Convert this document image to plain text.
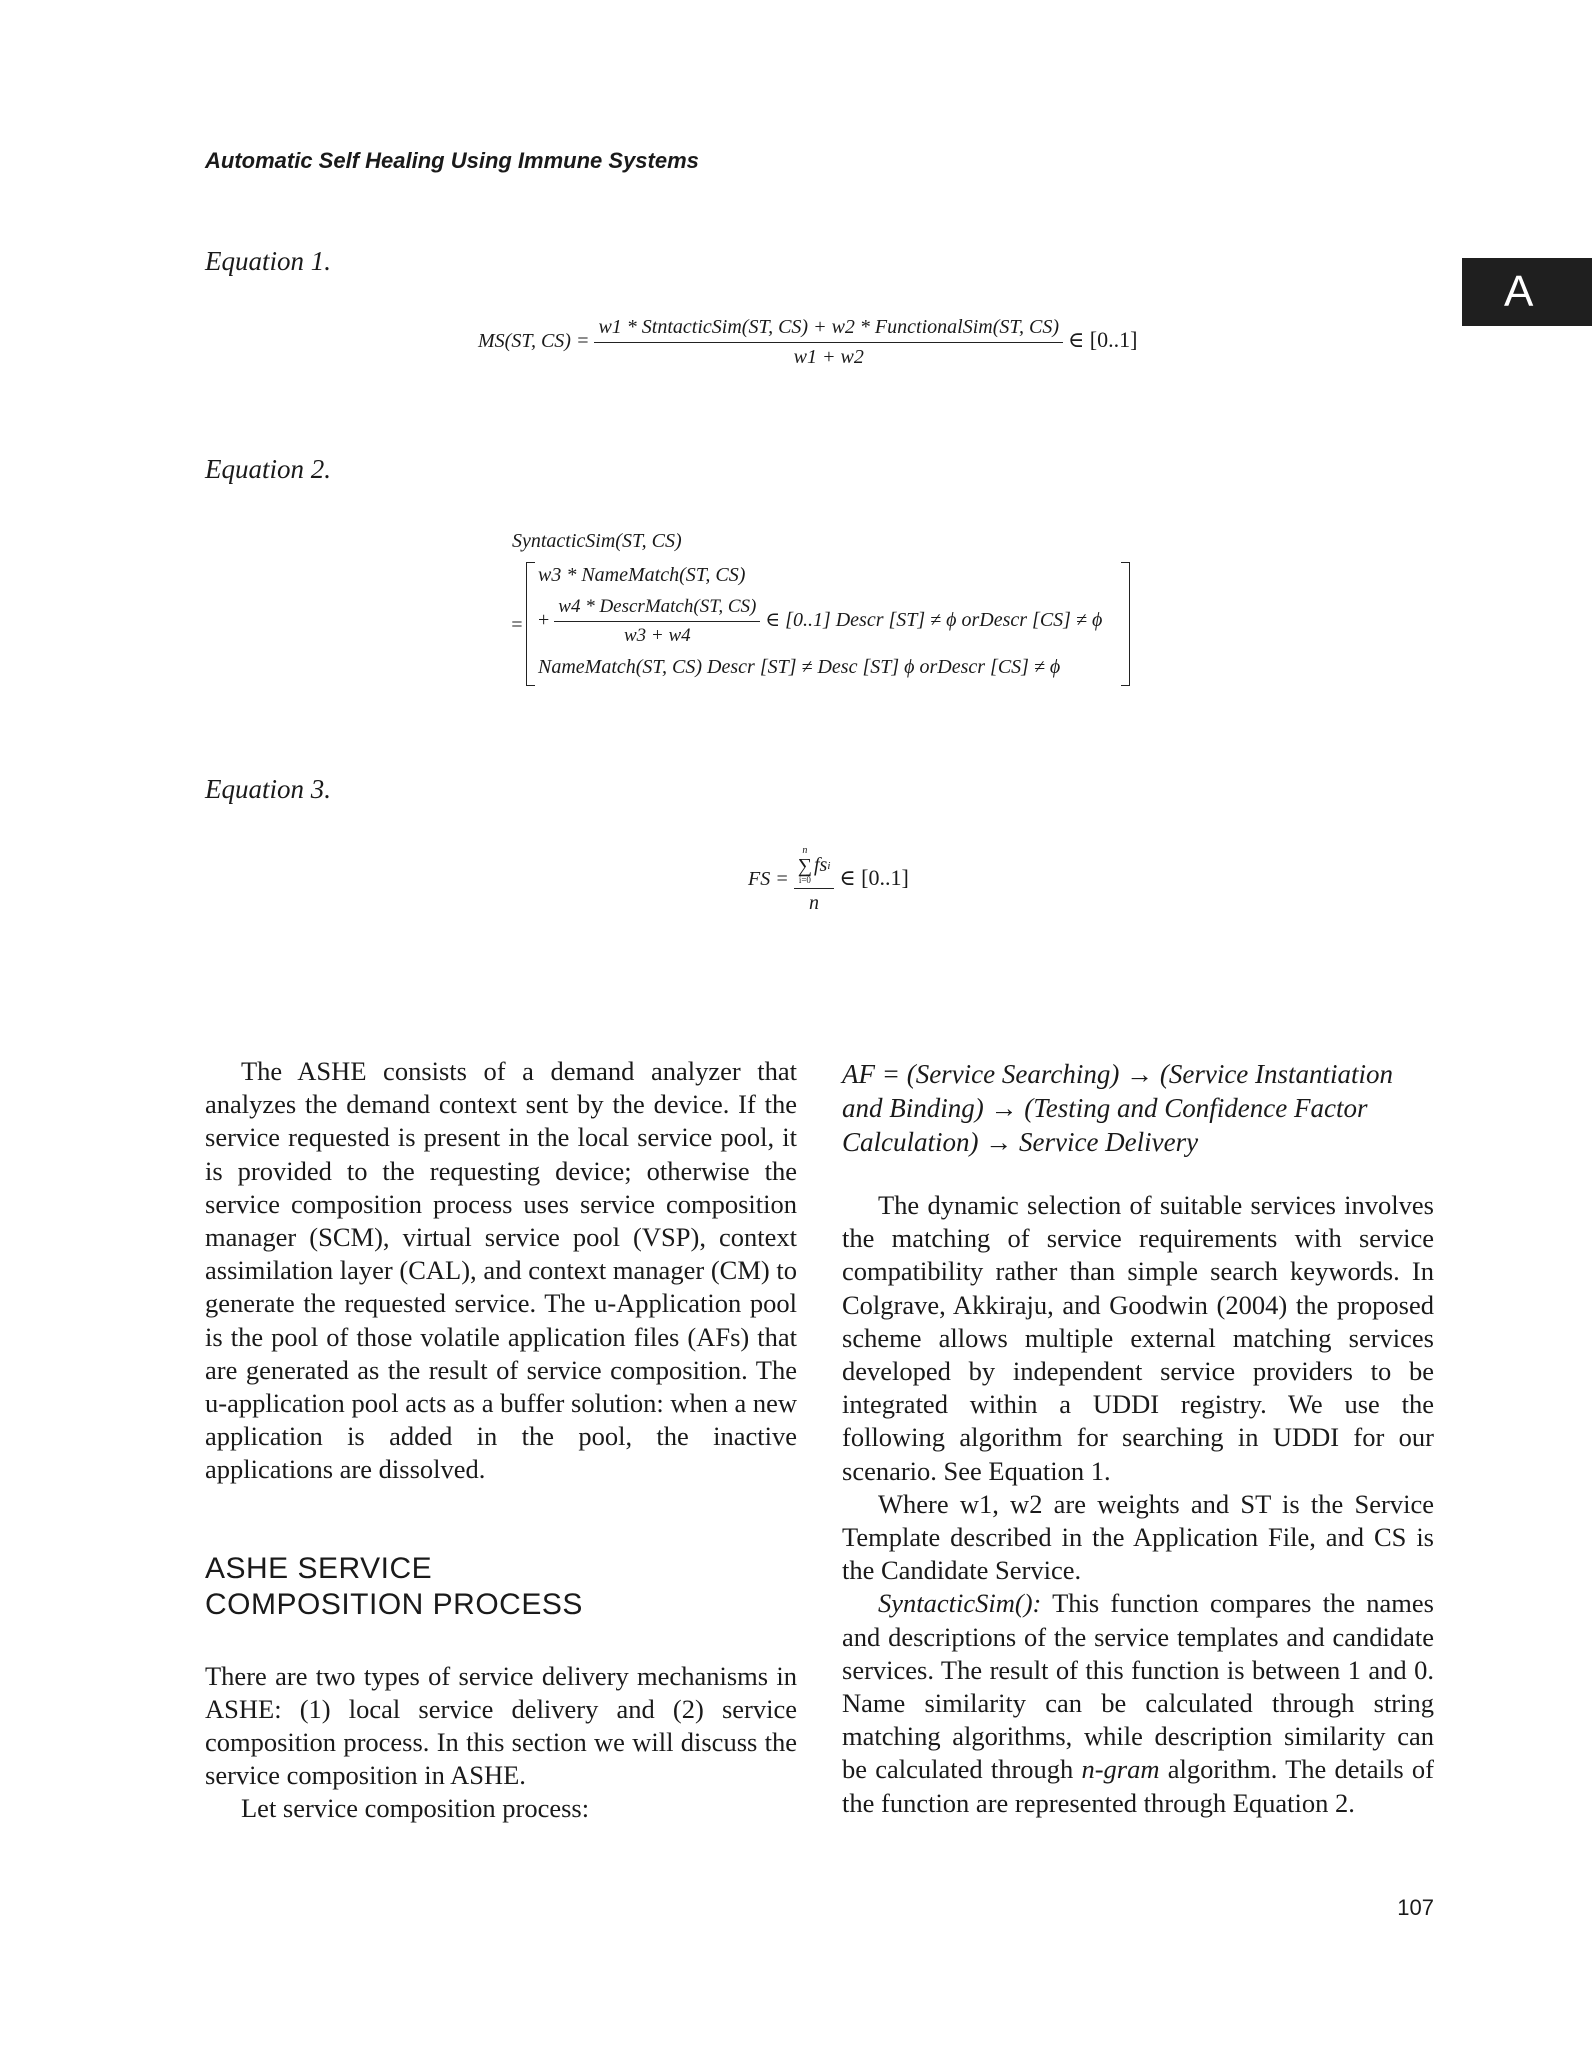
Automatic Self Healing Using Immune Systems
A
Equation 1.
MS(ST, $CS) = \frac{\text{w1 * StntacticSim(ST, CS) + w2 * FunctionalSim(ST, CS)}}{w1 + w2}$ ∈ [0..1]
Equation 2.
SyntacticSim(ST, CS)
=
w3 * NameMatch(ST, CS)
+ $\frac{\text{w4 * DescrMatch(ST, CS)}}{w3 + w4}$ ∈ [0..1] Descr [ST] ≠ ϕ orDescr [CS] ≠ ϕ
NameMatch(ST, CS) Descr [ST] ≠ Desc [ST] ϕ orDescr [CS] ≠ ϕ
Equation 3.
FS = n
∑
i=0
fs i
n ∈ [0..1]

The ASHE consists of a demand analyzer that analyzes the demand context sent by the device. If the service requested is present in the local service pool, it is provided to the requesting device; otherwise the service composition process uses service composition manager (SCM), virtual service pool (VSP), context assimilation layer (CAL), and context manager (CM) to generate the requested service. The u-Application pool is the pool of those volatile application files (AFs) that are generated as the result of service composition. The u-application pool acts as a buffer solution: when a new application is added in the pool, the inactive applications are dissolved.

ASHE SERVICE
COMPOSITION PROCESS

There are two types of service delivery mechanisms in ASHE: (1) local service delivery and (2) service composition process. In this section we will discuss the service composition in ASHE.

Let service composition process:

AF = (Service Searching) → (Service Instantiation
and Binding) → (Testing and Confidence Factor
Calculation) → Service Delivery

The dynamic selection of suitable services involves the matching of service requirements with service compatibility rather than simple search keywords. In Colgrave, Akkiraju, and Goodwin (2004) the proposed scheme allows multiple external matching services developed by independent service providers to be integrated within a UDDI registry. We use the following algorithm for searching in UDDI for our scenario. See Equation 1.

Where w1, w2 are weights and ST is the Service Template described in the Application File, and CS is the Candidate Service.

SyntacticSim(): This function compares the names and descriptions of the service templates and candidate services. The result of this function is between 1 and 0. Name similarity can be calculated through string matching algorithms, while description similarity can be calculated through n-gram algorithm. The details of the function are represented through Equation 2.

107
